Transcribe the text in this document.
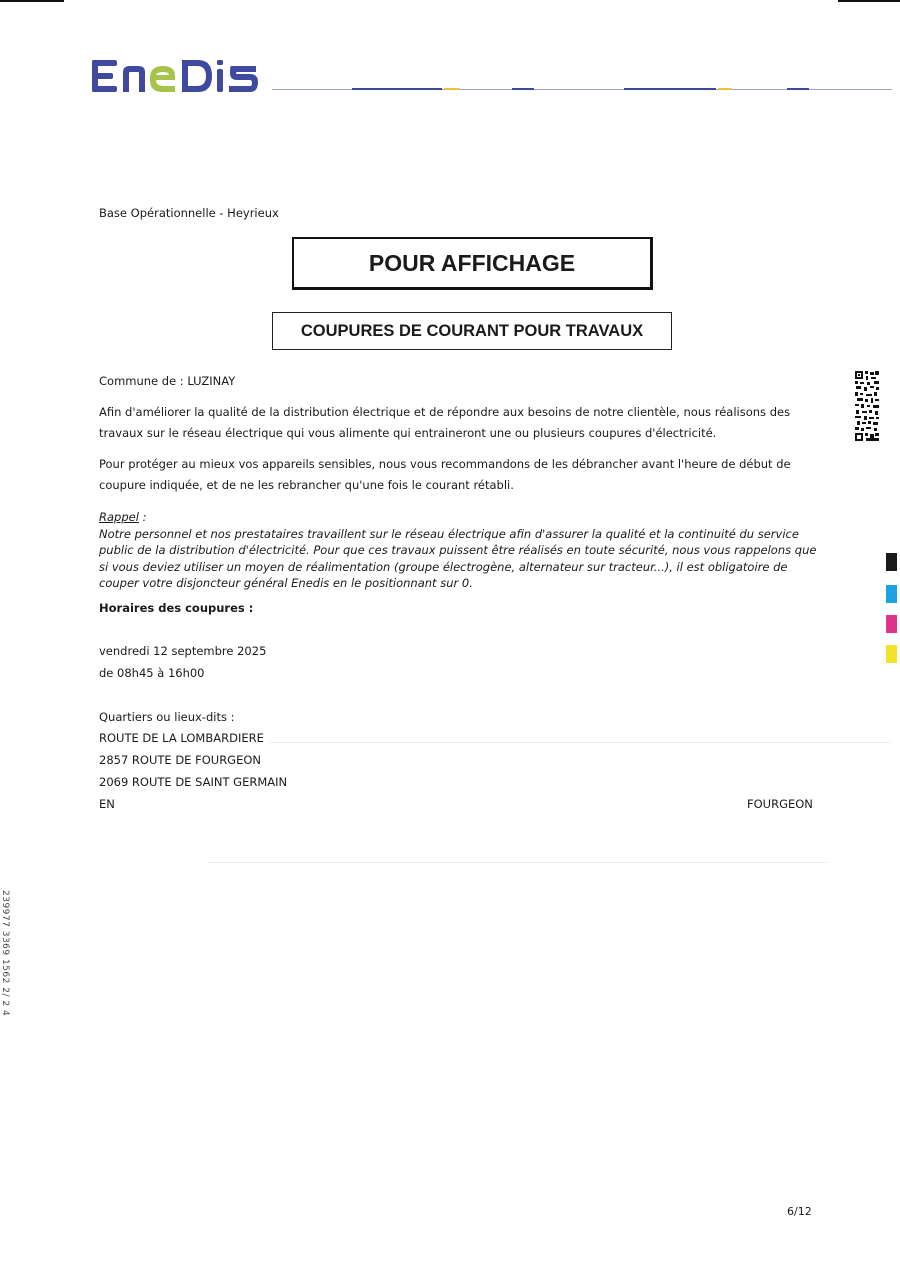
Base Opérationnelle - Heyrieux
POUR AFFICHAGE
COUPURES DE COURANT POUR TRAVAUX
Commune de : LUZINAY
Afin d'améliorer la qualité de la distribution électrique et de répondre aux besoins de notre clientèle, nous réalisons des travaux sur le réseau électrique qui vous alimente qui entraineront une ou plusieurs coupures d'électricité.
Pour protéger au mieux vos appareils sensibles, nous vous recommandons de les débrancher avant l'heure de début de coupure indiquée, et de ne les rebrancher qu'une fois le courant rétabli.
Rappel :
Notre personnel et nos prestataires travaillent sur le réseau électrique afin d'assurer la qualité et la continuité du service public de la distribution d'électricité. Pour que ces travaux puissent être réalisés en toute sécurité, nous vous rappelons que si vous deviez utiliser un moyen de réalimentation (groupe électrogène, alternateur sur tracteur...), il est obligatoire de couper votre disjoncteur général Enedis en le positionnant sur 0.
Horaires des coupures :
vendredi 12 septembre 2025
de 08h45 à 16h00
Quartiers ou lieux-dits :
ROUTE DE LA LOMBARDIERE
2857 ROUTE DE FOURGEON
2069 ROUTE DE SAINT GERMAIN
EN	FOURGEON
6/12
239977 3369 1562 2/ 2 4
